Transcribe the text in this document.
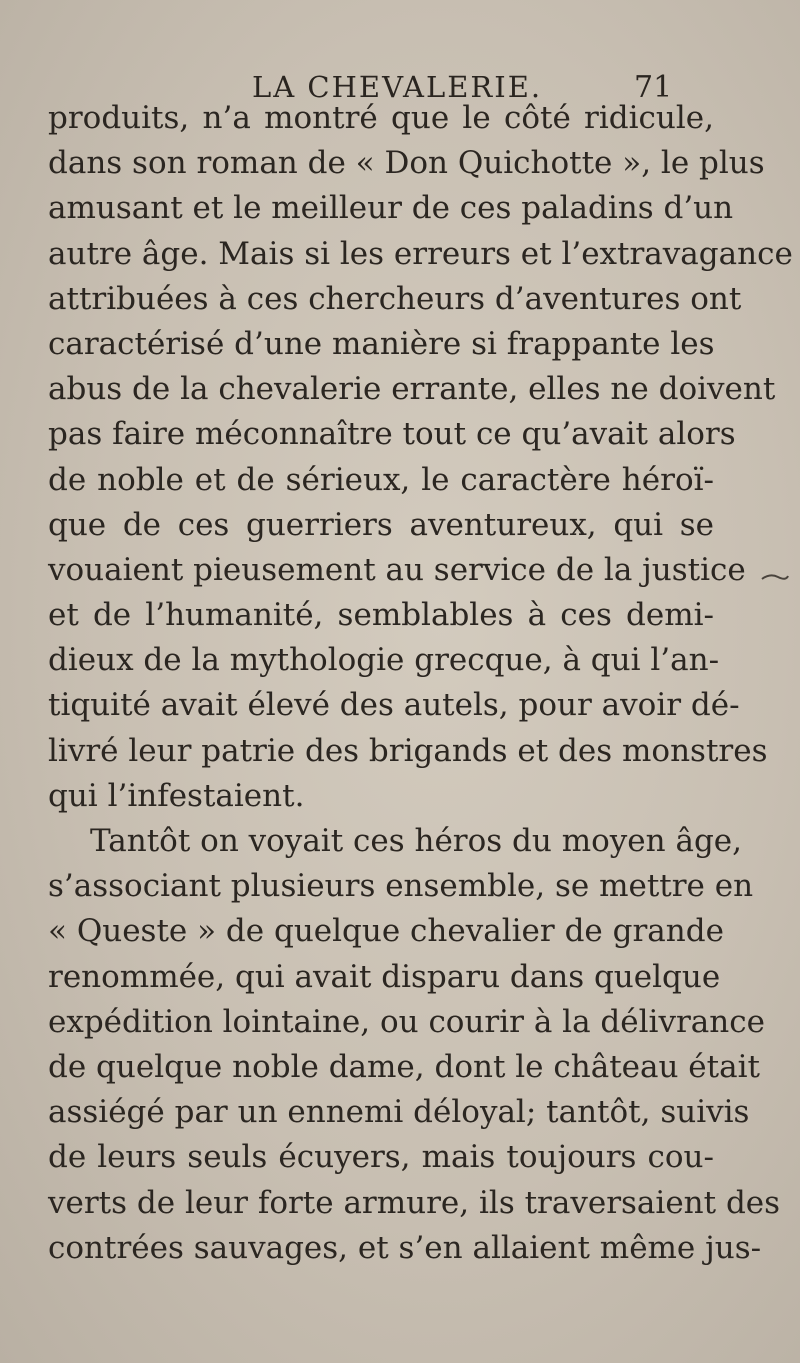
LA CHEVALERIE.	71
produits, n’a montré que le côté ridicule,
dans son roman de « Don Quichotte », le plus
amusant et le meilleur de ces paladins d’un
autre âge. Mais si les erreurs et l’extravagance
attribuées à ces chercheurs d’aventures ont
caractérisé d’une manière si frappante les
abus de la chevalerie errante, elles ne doivent
pas faire méconnaître tout ce qu’avait alors
de noble et de sérieux, le caractère héroï-
que de ces guerriers aventureux, qui se
vouaient pieusement au service de la justice
et de l’humanité, semblables à ces demi-
dieux de la mythologie grecque, à qui l’an-
tiquité avait élevé des autels, pour avoir dé-
livré leur patrie des brigands et des monstres
qui l’infestaient.
Tantôt on voyait ces héros du moyen âge,
s’associant plusieurs ensemble, se mettre en
« Queste » de quelque chevalier de grande
renommée, qui avait disparu dans quelque
expédition lointaine, ou courir à la délivrance
de quelque noble dame, dont le château était
assiégé par un ennemi déloyal; tantôt, suivis
de leurs seuls écuyers, mais toujours cou-
verts de leur forte armure, ils traversaient des
contrées sauvages, et s’en allaient même jus-
